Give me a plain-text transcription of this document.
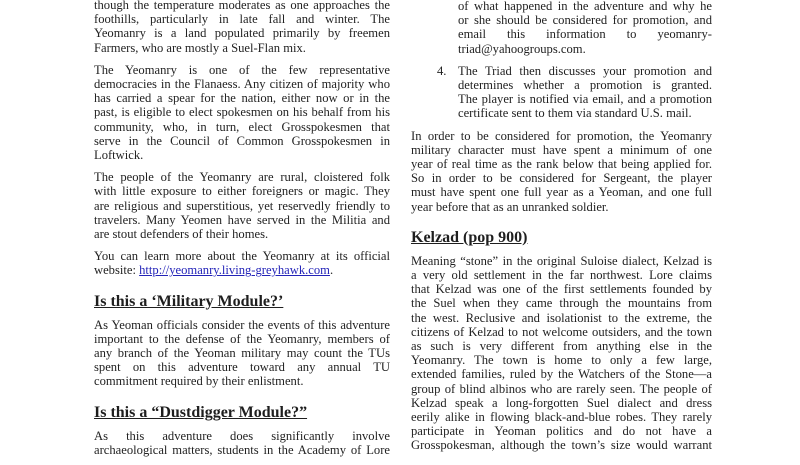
though the temperature moderates as one approaches the
foothills, particularly in late fall and winter. The
Yeomanry is a land populated primarily by freemen
Farmers, who are mostly a Suel-Flan mix.
The Yeomanry is one of the few representative
democracies in the Flanaess. Any citizen of majority who
has carried a spear for the nation, either now or in the
past, is eligible to elect spokesmen on his behalf from his
community, who, in turn, elect Grosspokesmen that
serve in the Council of Common Grosspokesmen in
Loftwick.
The people of the Yeomanry are rural, cloistered folk
with little exposure to either foreigners or magic. They
are religious and superstitious, yet reservedly friendly to
travelers. Many Yeomen have served in the Militia and
are stout defenders of their homes.
You can learn more about the Yeomanry at its official
website: http://yeomanry.living-greyhawk.com.
Is this a ‘Military Module?’
As Yeoman officials consider the events of this adventure
important to the defense of the Yeomanry, members of
any branch of the Yeoman military may count the TUs
spent on this adventure toward any annual TU
commitment required by their enlistment.
Is this a “Dustdigger Module?”
As this adventure does significantly involve
archaeological matters, students in the Academy of Lore
of what happened in the adventure and why he
or she should be considered for promotion, and
email this information to yeomanry-
triad@yahoogroups.com.
4. The Triad then discusses your promotion and
determines whether a promotion is granted.
The player is notified via email, and a promotion
certificate sent to them via standard U.S. mail.
In order to be considered for promotion, the Yeomanry
military character must have spent a minimum of one
year of real time as the rank below that being applied for.
So in order to be considered for Sergeant, the player
must have spent one full year as a Yeoman, and one full
year before that as an unranked soldier.
Kelzad (pop 900)
Meaning “stone” in the original Suloise dialect, Kelzad is
a very old settlement in the far northwest. Lore claims
that Kelzad was one of the first settlements founded by
the Suel when they came through the mountains from
the west. Reclusive and isolationist to the extreme, the
citizens of Kelzad to not welcome outsiders, and the town
as such is very different from anything else in the
Yeomanry. The town is home to only a few large,
extended families, ruled by the Watchers of the Stone—a
group of blind albinos who are rarely seen. The people of
Kelzad speak a long-forgotten Suel dialect and dress
eerily alike in flowing black-and-blue robes. They rarely
participate in Yeoman politics and do not have a
Grosspokesman, although the town’s size would warrant
